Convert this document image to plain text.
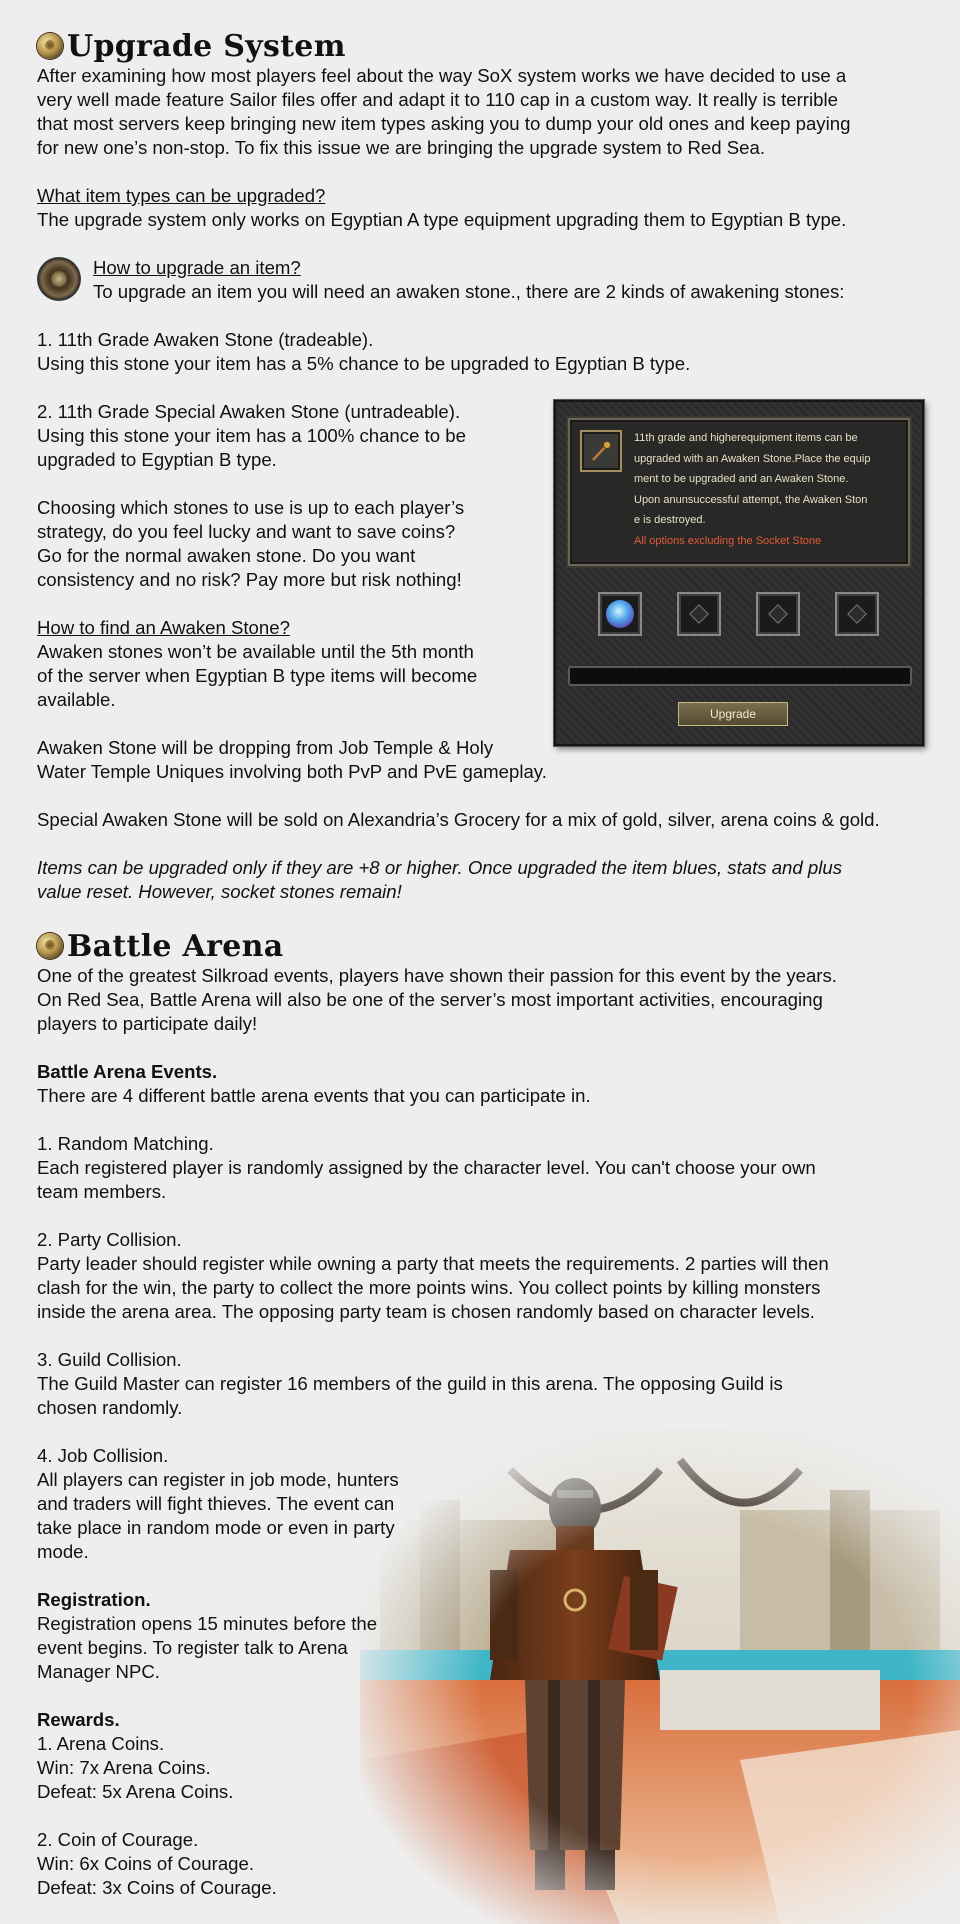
Upgrade System

After examining how most players feel about the way SoX system works we have decided to use a

very well made feature Sailor files offer and adapt it to 110 cap in a custom way. It really is terrible

that most servers keep bringing new item types asking you to dump your old ones and keep paying

for new one’s non-stop. To fix this issue we are bringing the upgrade system to Red Sea.

What item types can be upgraded?

The upgrade system only works on Egyptian A type equipment upgrading them to Egyptian B type.

How to upgrade an item?

To upgrade an item you will need an awaken stone., there are 2 kinds of awakening stones:

1. 11th Grade Awaken Stone (tradeable).

Using this stone your item has a 5% chance to be upgraded to Egyptian B type.

2. 11th Grade Special Awaken Stone (untradeable).

Using this stone your item has a 100% chance to be

upgraded to Egyptian B type.

Choosing which stones to use is up to each player’s

strategy, do you feel lucky and want to save coins?

Go for the normal awaken stone. Do you want

consistency and no risk? Pay more but risk nothing!

How to find an Awaken Stone?

Awaken stones won’t be available until the 5th month

of the server when Egyptian B type items will become

available.

Awaken Stone will be dropping from Job Temple & Holy

Water Temple Uniques involving both PvP and PvE gameplay.

Special Awaken Stone will be sold on Alexandria’s Grocery for a mix of gold, silver, arena coins & gold.

Items can be upgraded only if they are +8 or higher. Once upgraded the item blues, stats and plus

value reset. However, socket stones remain!

11th grade and higherequipment items can be
upgraded with an Awaken Stone.Place the equip
ment to be upgraded and an Awaken Stone.
Upon anunsuccessful attempt, the Awaken Ston
e is destroyed.
All options excluding the Socket Stone
Upgrade
Battle Arena

One of the greatest Silkroad events, players have shown their passion for this event by the years.

On Red Sea, Battle Arena will also be one of the server’s most important activities, encouraging

players to participate daily!

Battle Arena Events.

There are 4 different battle arena events that you can participate in.

1. Random Matching.

Each registered player is randomly assigned by the character level. You can't choose your own

team members.

2. Party Collision.

Party leader should register while owning a party that meets the requirements. 2 parties will then

clash for the win, the party to collect the more points wins. You collect points by killing monsters

inside the arena area. The opposing party team is chosen randomly based on character levels.

3. Guild Collision.

The Guild Master can register 16 members of the guild in this arena. The opposing Guild is

chosen randomly.

4. Job Collision.

All players can register in job mode, hunters

and traders will fight thieves. The event can

take place in random mode or even in party

mode.

Registration.

Registration opens 15 minutes before the

event begins. To register talk to Arena

Manager NPC.

Rewards.

1. Arena Coins.

Win: 7x Arena Coins.

Defeat: 5x Arena Coins.

2. Coin of Courage.

Win: 6x Coins of Courage.

Defeat: 3x Coins of Courage.
